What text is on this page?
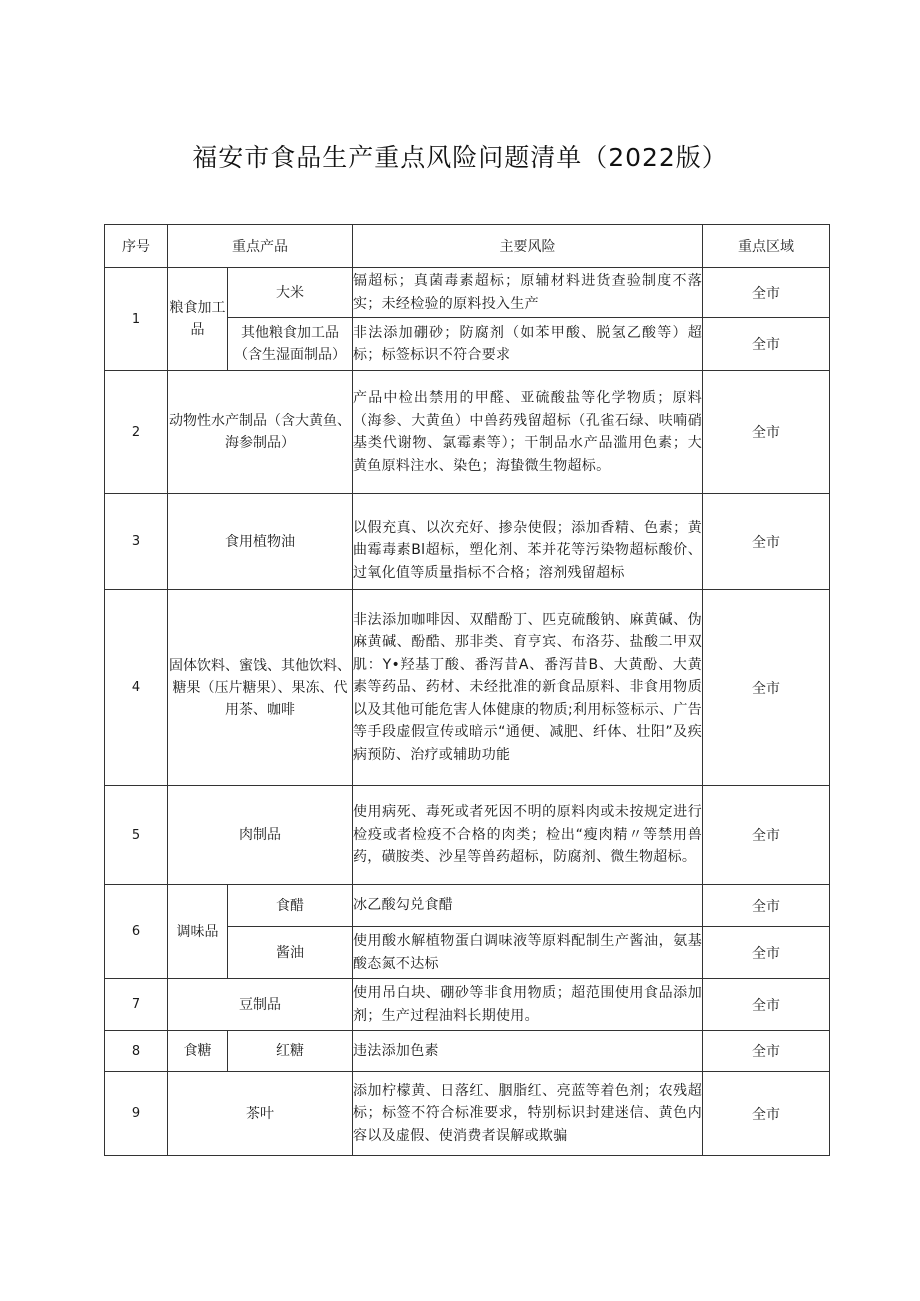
福安市食品生产重点风险问题清单（2022版）
序号	重点产品		主要风险	重点区域
1	粮食加工品	大米	镉超标；真菌毒素超标；原辅材料进货查验制度不落实；未经检验的原料投入生产	全市
		其他粮食加工品（含生湿面制品）	非法添加硼砂；防腐剂（如苯甲酸、脱氢乙酸等）超标；标签标识不符合要求	全市
2	动物性水产制品（含大黄鱼、海参制品）		产品中检出禁用的甲醛、亚硫酸盐等化学物质；原料（海参、大黄鱼）中兽药残留超标（孔雀石绿、呋喃硝基类代谢物、氯霉素等）；干制品水产品滥用色素；大黄鱼原料注水、染色；海蛰微生物超标。	全市
3	食用植物油		以假充真、以次充好、掺杂使假；添加香精、色素；黄曲霉毒素Bl超标，塑化剂、苯并花等污染物超标酸价、过氧化值等质量指标不合格；溶剂残留超标	全市
4	固体饮料、蜜饯、其他饮料、糖果（压片糖果）、果冻、代用茶、咖啡		非法添加咖啡因、双醋酚丁、匹克硫酸钠、麻黄碱、伪麻黄碱、酚酷、那非类、育亨宾、布洛芬、盐酸二甲双肌：Y•羟基丁酸、番泻昔A、番泻昔B、大黄酚、大黄素等药品、药材、未经批准的新食品原料、非食用物质以及其他可能危害人体健康的物质;利用标签标示、广告等手段虚假宣传或暗示“通便、减肥、纤体、壮阳”及疾病预防、治疗或辅助功能	全市
5	肉制品		使用病死、毒死或者死因不明的原料肉或未按规定进行检疫或者检疫不合格的肉类；检出“瘦肉精〃等禁用兽药，磺胺类、沙星等兽药超标，防腐剂、微生物超标。	全市
6	调味品	食醋	冰乙酸勾兑食醋	全市
		酱油	使用酸水解植物蛋白调味液等原料配制生产酱油，氨基酸态氮不达标	全市
7	豆制品		使用吊白块、硼砂等非食用物质；超范围使用食品添加剂；生产过程油料长期使用。	全市
8	食糖	红糖	违法添加色素	全市
9	茶叶		添加柠檬黄、日落红、胭脂红、亮蓝等着色剂；农残超标；标签不符合标准要求，特别标识封建迷信、黄色内容以及虚假、使消费者误解或欺骗	全市
